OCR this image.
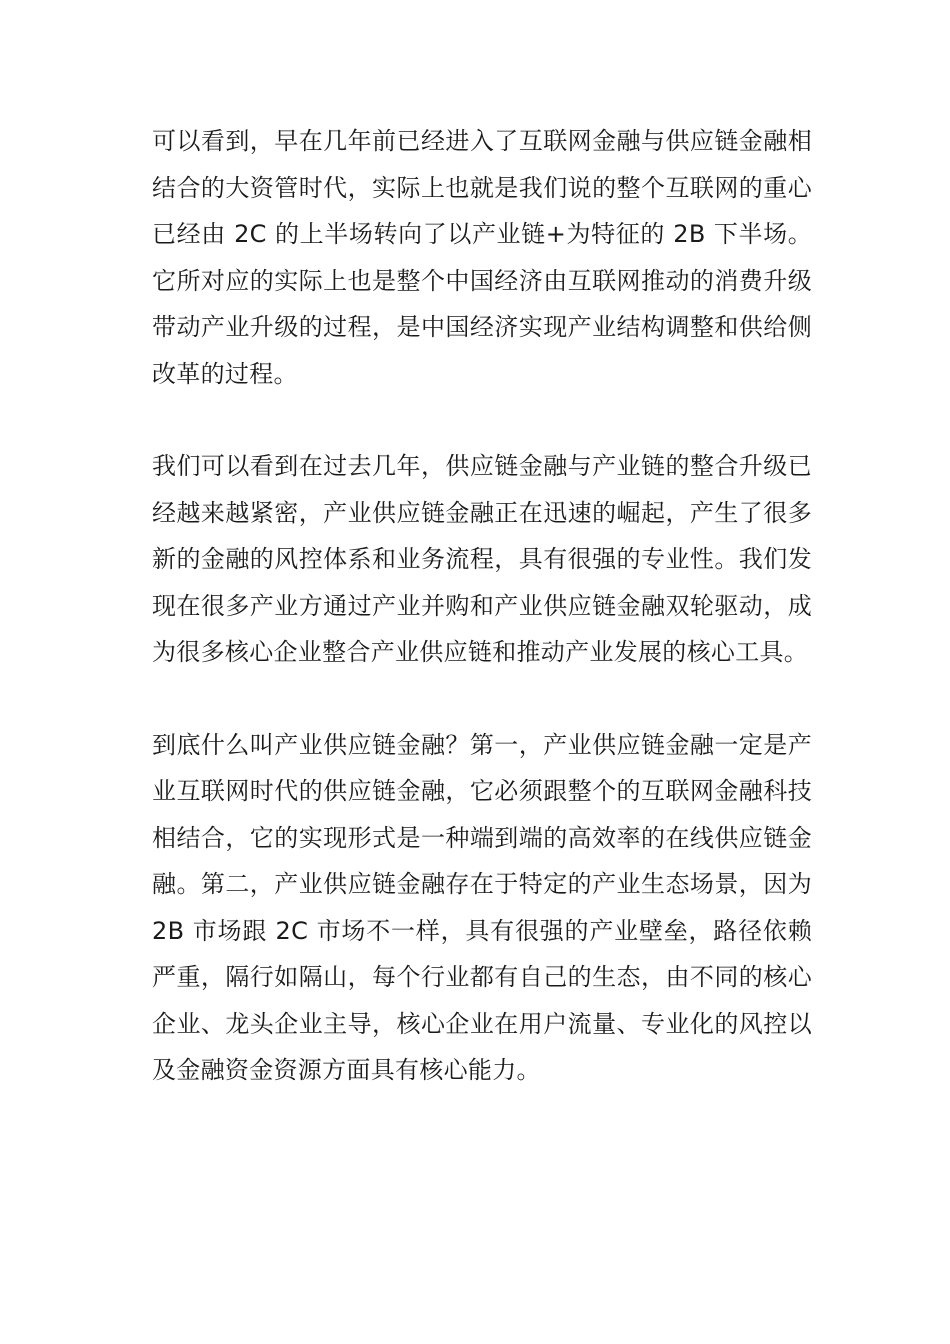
可以看到，早在几年前已经进入了互联网金融与供应链金融相结合的大资管时代，实际上也就是我们说的整个互联网的重心已经由 2C 的上半场转向了以产业链+为特征的 2B 下半场。它所对应的实际上也是整个中国经济由互联网推动的消费升级带动产业升级的过程，是中国经济实现产业结构调整和供给侧改革的过程。

我们可以看到在过去几年，供应链金融与产业链的整合升级已经越来越紧密，产业供应链金融正在迅速的崛起，产生了很多新的金融的风控体系和业务流程，具有很强的专业性。我们发现在很多产业方通过产业并购和产业供应链金融双轮驱动，成为很多核心企业整合产业供应链和推动产业发展的核心工具。

到底什么叫产业供应链金融？第一，产业供应链金融一定是产业互联网时代的供应链金融，它必须跟整个的互联网金融科技相结合，它的实现形式是一种端到端的高效率的在线供应链金融。第二，产业供应链金融存在于特定的产业生态场景，因为 2B 市场跟 2C 市场不一样，具有很强的产业壁垒，路径依赖严重，隔行如隔山，每个行业都有自己的生态，由不同的核心企业、龙头企业主导，核心企业在用户流量、专业化的风控以及金融资金资源方面具有核心能力。
